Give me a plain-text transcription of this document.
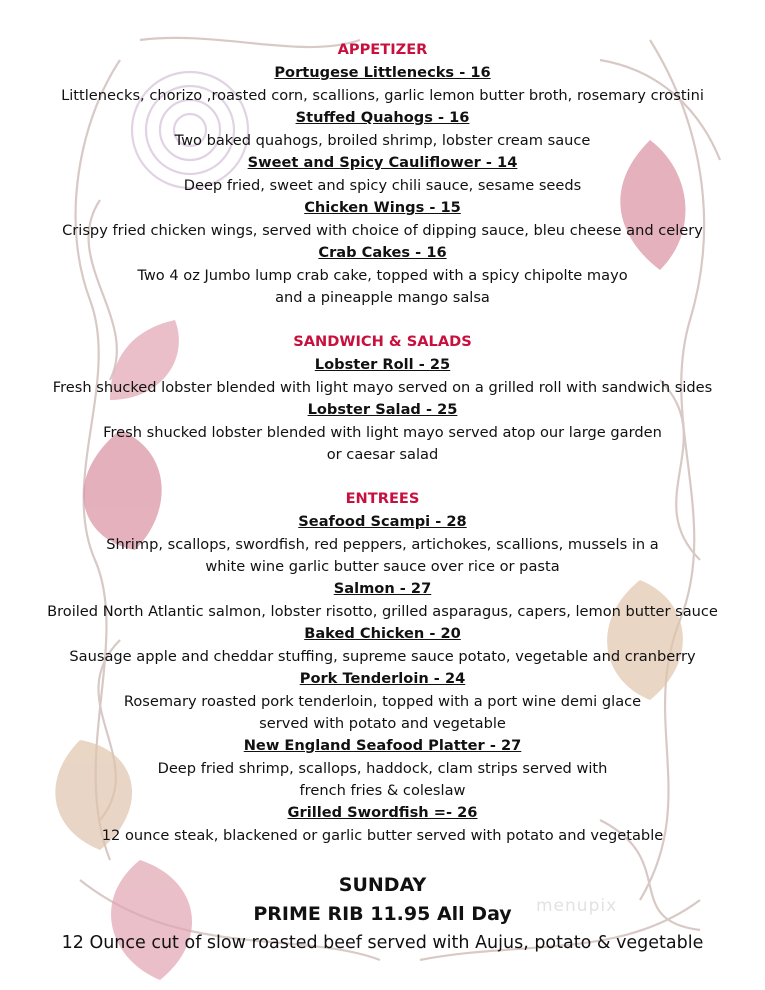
APPETIZER
Portugese Littlenecks - 16
Littlenecks, chorizo ,roasted corn, scallions, garlic lemon butter broth, rosemary crostini
Stuffed Quahogs - 16
Two baked quahogs, broiled shrimp, lobster cream sauce
Sweet and Spicy Cauliflower - 14
Deep fried, sweet and spicy chili sauce, sesame seeds
Chicken Wings - 15
Crispy fried chicken wings, served with choice of dipping sauce, bleu cheese and celery
Crab Cakes - 16
Two 4 oz Jumbo lump crab cake, topped with a spicy chipolte mayo
and a pineapple mango salsa
SANDWICH & SALADS
Lobster Roll - 25
Fresh shucked lobster blended with light mayo served on a grilled roll with sandwich sides
Lobster Salad - 25
Fresh shucked lobster blended with light mayo served atop our large garden
or caesar salad
ENTREES
Seafood Scampi - 28
Shrimp, scallops, swordfish, red peppers, artichokes, scallions, mussels in a
white wine garlic butter sauce over rice or pasta
Salmon - 27
Broiled North Atlantic salmon, lobster risotto, grilled asparagus, capers, lemon butter sauce
Baked Chicken - 20
Sausage apple and cheddar stuffing, supreme sauce potato, vegetable and cranberry
Pork Tenderloin - 24
Rosemary roasted pork tenderloin, topped with a port wine demi glace
served with potato and vegetable
New England Seafood Platter - 27
Deep fried shrimp, scallops, haddock, clam strips served with
french fries & coleslaw
Grilled Swordfish =- 26
12 ounce steak, blackened or garlic butter served with potato and vegetable
SUNDAY
PRIME RIB 11.95 All Day
12 Ounce cut of slow roasted beef served with Aujus, potato & vegetable
menupix
